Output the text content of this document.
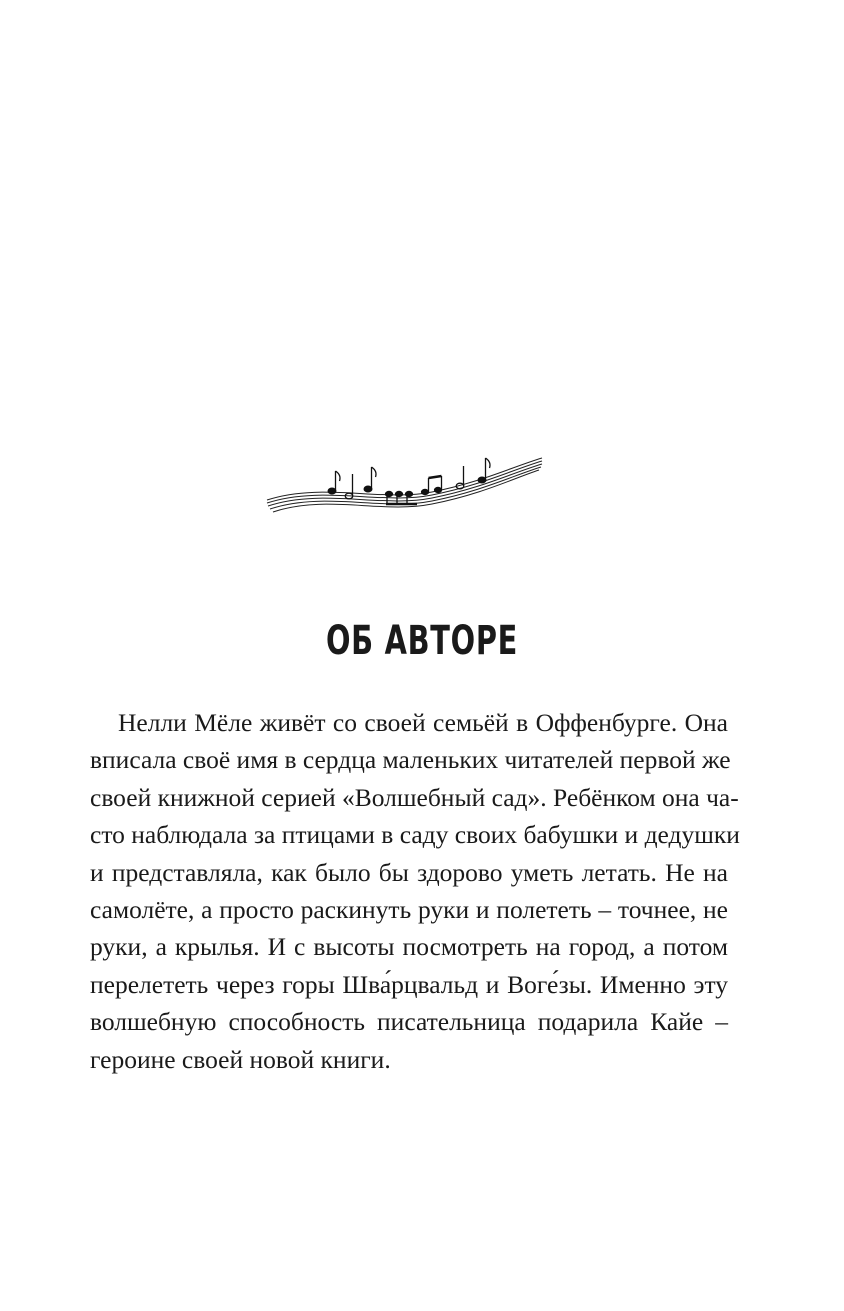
ОБ АВТОРЕ
Нелли Мёле живёт со своей семьёй в Оффенбурге. Она
вписала своё имя в сердца маленьких читателей первой же
своей книжной серией «Волшебный сад». Ребёнком она ча-
сто наблюдала за птицами в саду своих бабушки и дедушки
и представляла, как было бы здорово уметь летать. Не на
самолёте, а просто раскинуть руки и полететь – точнее, не
руки, а крылья. И с высоты посмотреть на город, а потом
перелететь через горы Шва́рцвальд и Воге́зы. Именно эту
волшебную способность писательница подарила Кайе –
героине своей новой книги.
